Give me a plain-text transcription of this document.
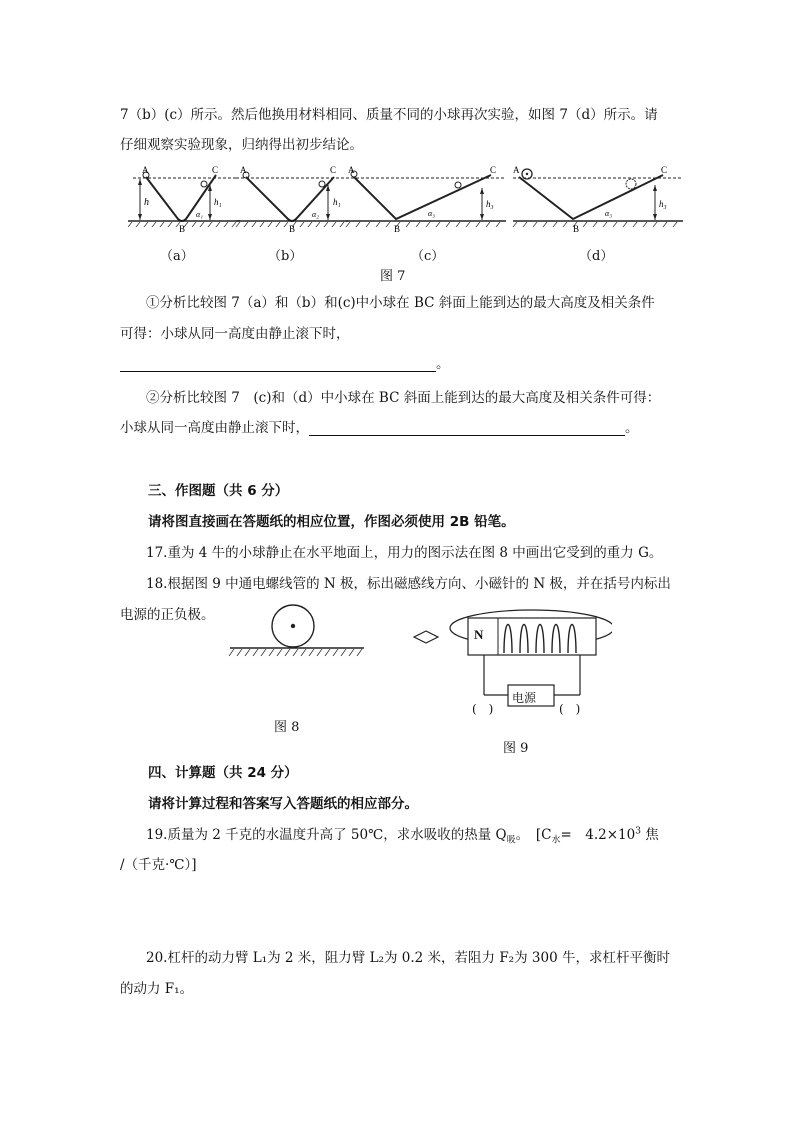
7（b）(c）所示。然后他换用材料相同、质量不同的小球再次实验，如图 7（d）所示。请
仔细观察实验现象，归纳得出初步结论。
A	C
B
h	h₁
α₁
A	C
B
h₁
α₂
A	C
B
h₃
α₃
A	C
B
h₃
α₃
（a）	（b）	（c）	（d）
图 7
①分析比较图 7（a）和（b）和(c)中小球在 BC 斜面上能到达的最大高度及相关条件
可得：小球从同一高度由静止滚下时，
。
②分析比较图 7　(c)和（d）中小球在 BC 斜面上能到达的最大高度及相关条件可得：
小球从同一高度由静止滚下时，	。
三、作图题（共 6 分）
请将图直接画在答题纸的相应位置，作图必须使用 2B 铅笔。
17.重为 4 牛的小球静止在水平地面上，用力的图示法在图 8 中画出它受到的重力 G。
18.根据图 9 中通电螺线管的 N 极，标出磁感线方向、小磁针的 N 极，并在括号内标出
电源的正负极。
图 8
N
电源
(　)	(　)
图 9
四、计算题（共 24 分）
请将计算过程和答案写入答题纸的相应部分。
19.质量为 2 千克的水温度升高了 50℃，求水吸收的热量 $Q_吸$。　[$C_水=$　$4.2\times 10^3$ 焦
/（千克·℃）]
20.杠杆的动力臂 L₁为 2 米，阻力臂 L₂为 0.2 米，若阻力 F₂为 300 牛，求杠杆平衡时
的动力 F₁。
